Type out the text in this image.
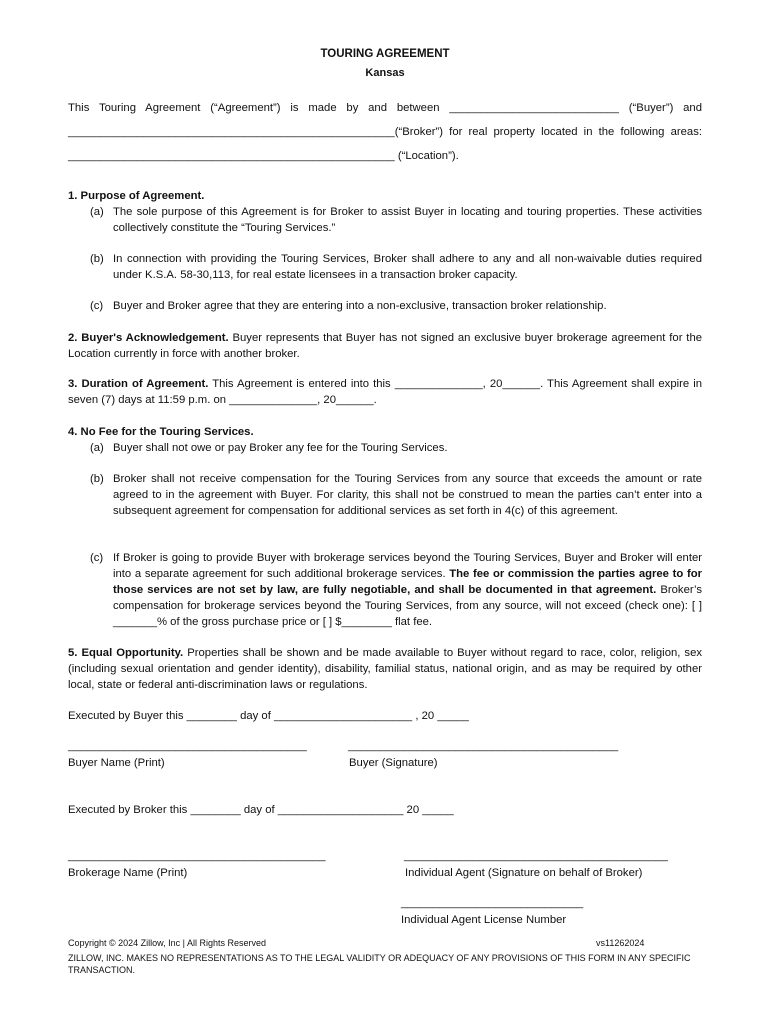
TOURING AGREEMENT
Kansas
This Touring Agreement (“Agreement”) is made by and between ___________________________ (“Buyer”) and
____________________________________________________(“Broker”) for real property located in the following areas:
____________________________________________________ (“Location”).
1. Purpose of Agreement.
(a) The sole purpose of this Agreement is for Broker to assist Buyer in locating and touring properties. These activities collectively constitute the “Touring Services.”
(b) In connection with providing the Touring Services, Broker shall adhere to any and all non-waivable duties required under K.S.A. 58-30,113, for real estate licensees in a transaction broker capacity.
(c) Buyer and Broker agree that they are entering into a non-exclusive, transaction broker relationship.
2. Buyer's Acknowledgement. Buyer represents that Buyer has not signed an exclusive buyer brokerage agreement for the Location currently in force with another broker.
3. Duration of Agreement. This Agreement is entered into this ______________, 20______. This Agreement shall expire in seven (7) days at 11:59 p.m. on ______________, 20______.
4. No Fee for the Touring Services.
(a) Buyer shall not owe or pay Broker any fee for the Touring Services.
(b) Broker shall not receive compensation for the Touring Services from any source that exceeds the amount or rate agreed to in the agreement with Buyer. For clarity, this shall not be construed to mean the parties can’t enter into a subsequent agreement for compensation for additional services as set forth in 4(c) of this agreement.
(c) If Broker is going to provide Buyer with brokerage services beyond the Touring Services, Buyer and Broker will enter into a separate agreement for such additional brokerage services. The fee or commission the parties agree to for those services are not set by law, are fully negotiable, and shall be documented in that agreement. Broker’s compensation for brokerage services beyond the Touring Services, from any source, will not exceed (check one): [ ] _______% of the gross purchase price or [ ] $________ flat fee.
5. Equal Opportunity. Properties shall be shown and be made available to Buyer without regard to race, color, religion, sex (including sexual orientation and gender identity), disability, familial status, national origin, and as may be required by other local, state or federal anti-discrimination laws or regulations.
Executed by Buyer this ________ day of ______________________ , 20 _____
______________________________________	___________________________________________
Buyer Name (Print)	Buyer (Signature)
Executed by Broker this ________ day of ____________________ 20 _____
_________________________________________	__________________________________________
Brokerage Name (Print)	Individual Agent (Signature on behalf of Broker)
_____________________________
Individual Agent License Number
Copyright © 2024 Zillow, Inc | All Rights Reserved	vs11262024
ZILLOW, INC. MAKES NO REPRESENTATIONS AS TO THE LEGAL VALIDITY OR ADEQUACY OF ANY PROVISIONS OF THIS FORM IN ANY SPECIFIC TRANSACTION.
